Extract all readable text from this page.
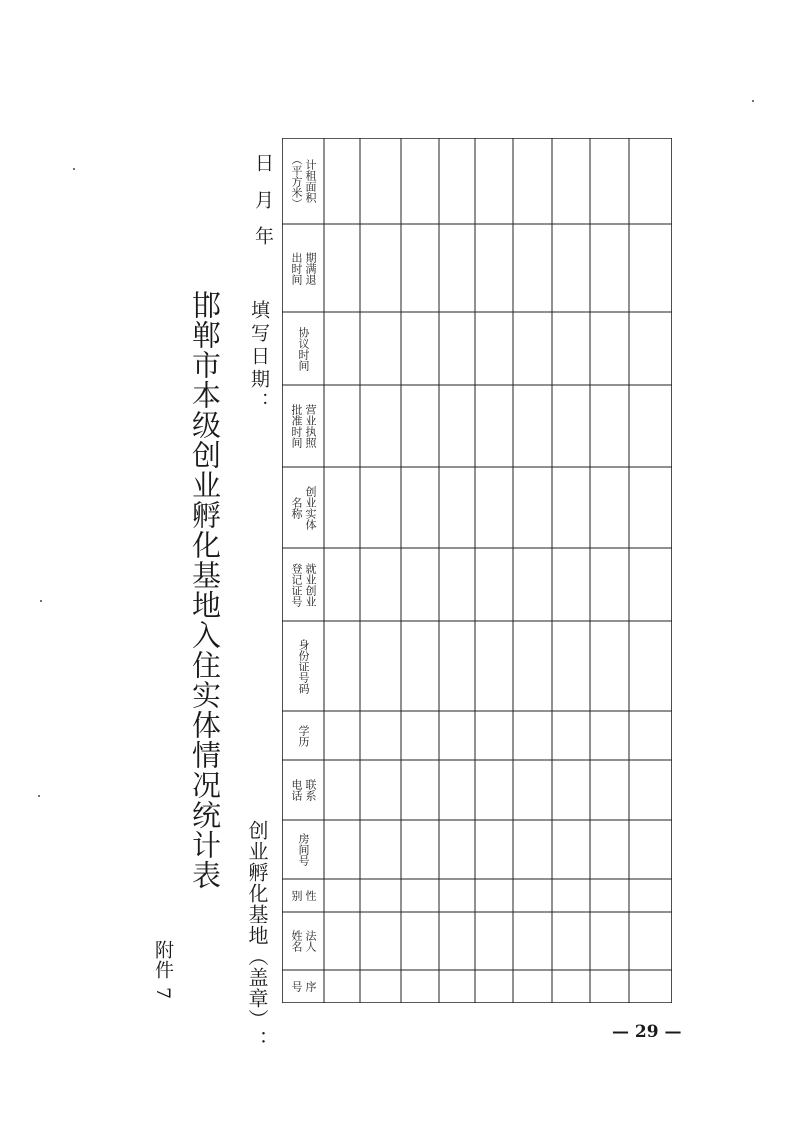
附件 7
邯郸市本级创业孵化基地入住实体情况统计表
创业孵化基地（盖章）：
填写日期：
年
月
日
序
号
法人
姓名
性
别
房间号
联系
电话
学历
身份证号码
就业创业
登记证号
创业实体
名称
营业执照
批准时间
协议时间
期满退
出时间
计租面积
（平方米）
— 29 —
